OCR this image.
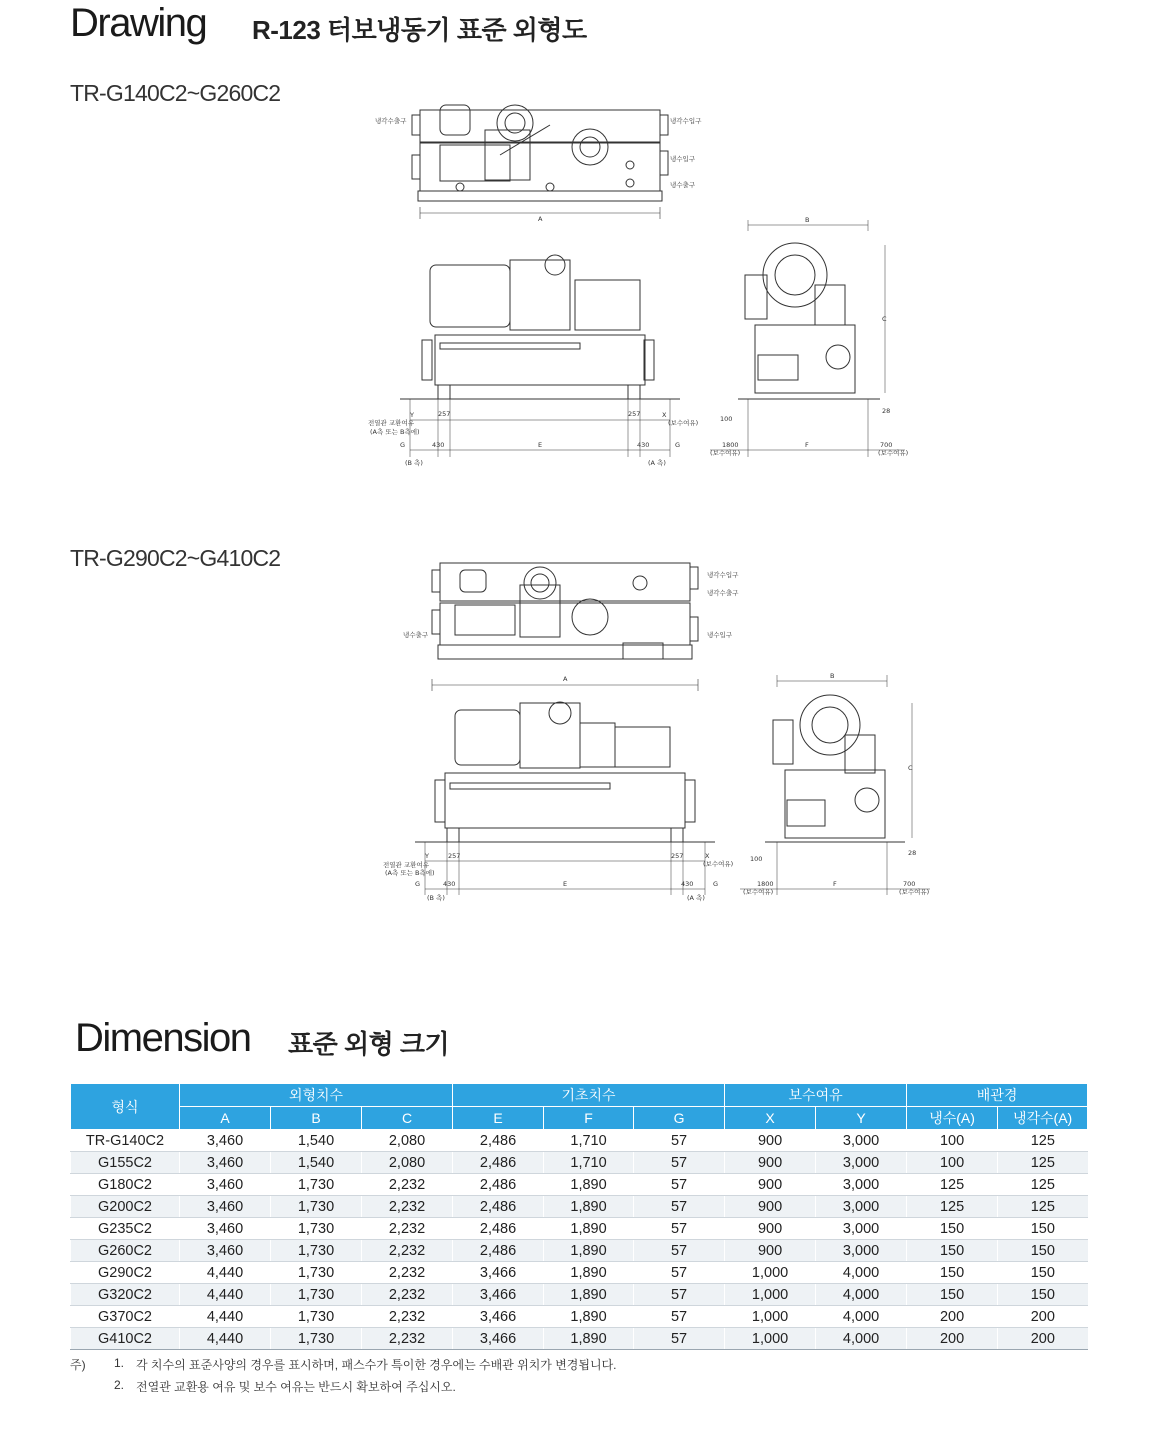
Drawing R-123 터보냉동기 표준 외형도
TR-G140C2~G260C2
TR-G290C2~G410C2
냉각수출구	냉각수입구
냉수입구
냉수출구
A	B
C
E	F
G	G
X
Y	257	257
430	430
100
28
1800	700
전열관 교환여유
(A측 또는 B측에)
(보수여유)
(보수여유)	(보수여유)
(B 측)	(A 측)
냉수출구
냉각수입구
냉각수출구
냉수입구
A	B
C
E	F
G	G
X
Y	257	257
430	430
100
28
1800	700
전열관 교환여유
(A측 또는 B측에)
(보수여유)
(보수여유)	(보수여유)
(B 측)	(A 측)
Dimension 표준 외형 크기
형식	외형치수			기초치수			보수여유		배관경	
	A	B	C	E	F	G	X	Y	냉수(A)	냉각수(A)
TR-G140C2	3,460	1,540	2,080	2,486	1,710	57	900	3,000	100	125
G155C2	3,460	1,540	2,080	2,486	1,710	57	900	3,000	100	125
G180C2	3,460	1,730	2,232	2,486	1,890	57	900	3,000	125	125
G200C2	3,460	1,730	2,232	2,486	1,890	57	900	3,000	125	125
G235C2	3,460	1,730	2,232	2,486	1,890	57	900	3,000	150	150
G260C2	3,460	1,730	2,232	2,486	1,890	57	900	3,000	150	150
G290C2	4,440	1,730	2,232	3,466	1,890	57	1,000	4,000	150	150
G320C2	4,440	1,730	2,232	3,466	1,890	57	1,000	4,000	150	150
G370C2	4,440	1,730	2,232	3,466	1,890	57	1,000	4,000	200	200
G410C2	4,440	1,730	2,232	3,466	1,890	57	1,000	4,000	200	200
주)	1. 각 치수의 표준사양의 경우를 표시하며, 패스수가 특이한 경우에는 수배관 위치가 변경됩니다.
2. 전열관 교환용 여유 및 보수 여유는 반드시 확보하여 주십시오.
